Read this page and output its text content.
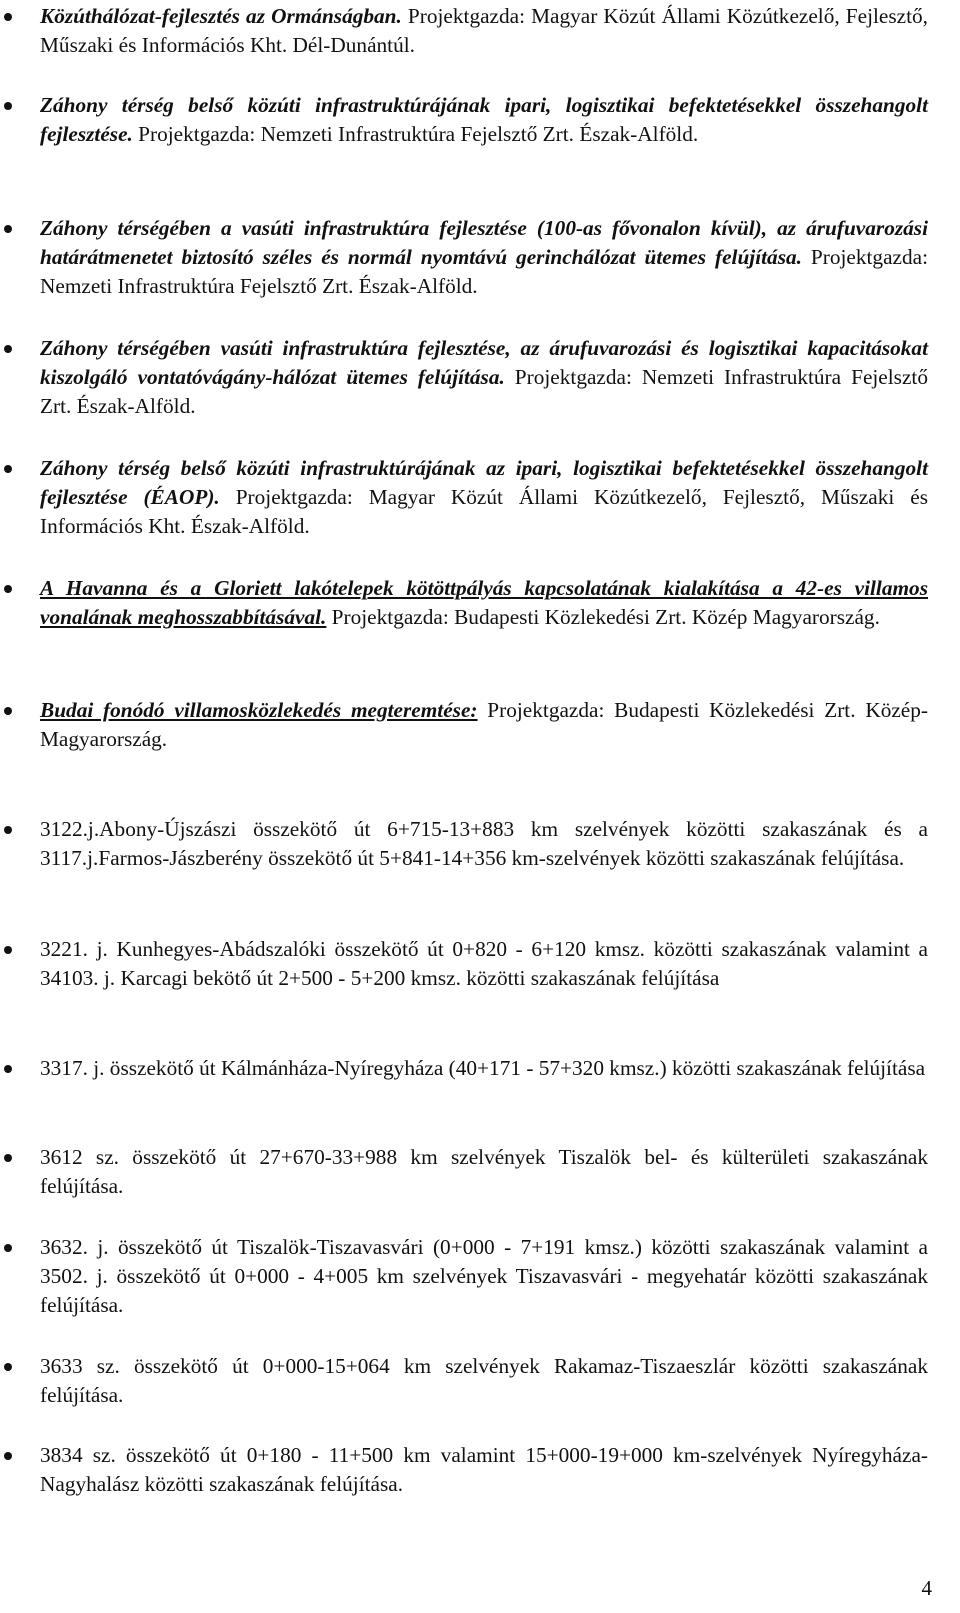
Közúthálózat-fejlesztés az Ormánságban. Projektgazda: Magyar Közút Állami Közútkezelő, Fejlesztő, Műszaki és Információs Kht. Dél-Dunántúl.
Záhony térség belső közúti infrastruktúrájának ipari, logisztikai befektetésekkel összehangolt fejlesztése. Projektgazda: Nemzeti Infrastruktúra Fejelsztő Zrt. Észak-Alföld.
Záhony térségében a vasúti infrastruktúra fejlesztése (100-as fővonalon kívül), az árufuvarozási határátmenetet biztosító széles és normál nyomtávú gerinchálózat ütemes felújítása. Projektgazda: Nemzeti Infrastruktúra Fejelsztő Zrt. Észak-Alföld.
Záhony térségében vasúti infrastruktúra fejlesztése, az árufuvarozási és logisztikai kapacitásokat kiszolgáló vontatóvágány-hálózat ütemes felújítása. Projektgazda: Nemzeti Infrastruktúra Fejelsztő Zrt. Észak-Alföld.
Záhony térség belső közúti infrastruktúrájának az ipari, logisztikai befektetésekkel összehangolt fejlesztése (ÉAOP). Projektgazda: Magyar Közút Állami Közútkezelő, Fejlesztő, Műszaki és Információs Kht. Észak-Alföld.
A Havanna és a Gloriett lakótelepek kötöttpályás kapcsolatának kialakítása a 42-es villamos vonalának meghosszabbításával. Projektgazda: Budapesti Közlekedési Zrt. Közép Magyarország.
Budai fonódó villamosközlekedés megteremtése: Projektgazda: Budapesti Közlekedési Zrt. Közép-Magyarország.
3122.j.Abony-Újszászi összekötő út 6+715-13+883 km szelvények közötti szakaszának és a 3117.j.Farmos-Jászberény összekötő út 5+841-14+356 km-szelvények közötti szakaszának felújítása.
3221. j. Kunhegyes-Abádszalóki összekötő út 0+820 - 6+120 kmsz. közötti szakaszának valamint a 34103. j. Karcagi bekötő út 2+500 - 5+200 kmsz. közötti szakaszának felújítása
3317. j. összekötő út Kálmánháza-Nyíregyháza (40+171 - 57+320 kmsz.) közötti szakaszának felújítása
3612 sz. összekötő út 27+670-33+988 km szelvények Tiszalök bel- és külterületi szakaszának felújítása.
3632. j. összekötő út Tiszalök-Tiszavasvári (0+000 - 7+191 kmsz.) közötti szakaszának valamint a 3502. j. összekötő út 0+000 - 4+005 km szelvények Tiszavasvári - megyehatár közötti szakaszának felújítása.
3633 sz. összekötő út 0+000-15+064 km szelvények Rakamaz-Tiszaeszlár közötti szakaszának felújítása.
3834 sz. összekötő út 0+180 - 11+500 km valamint 15+000-19+000 km-szelvények Nyíregyháza-Nagyhalász közötti szakaszának felújítása.
4
